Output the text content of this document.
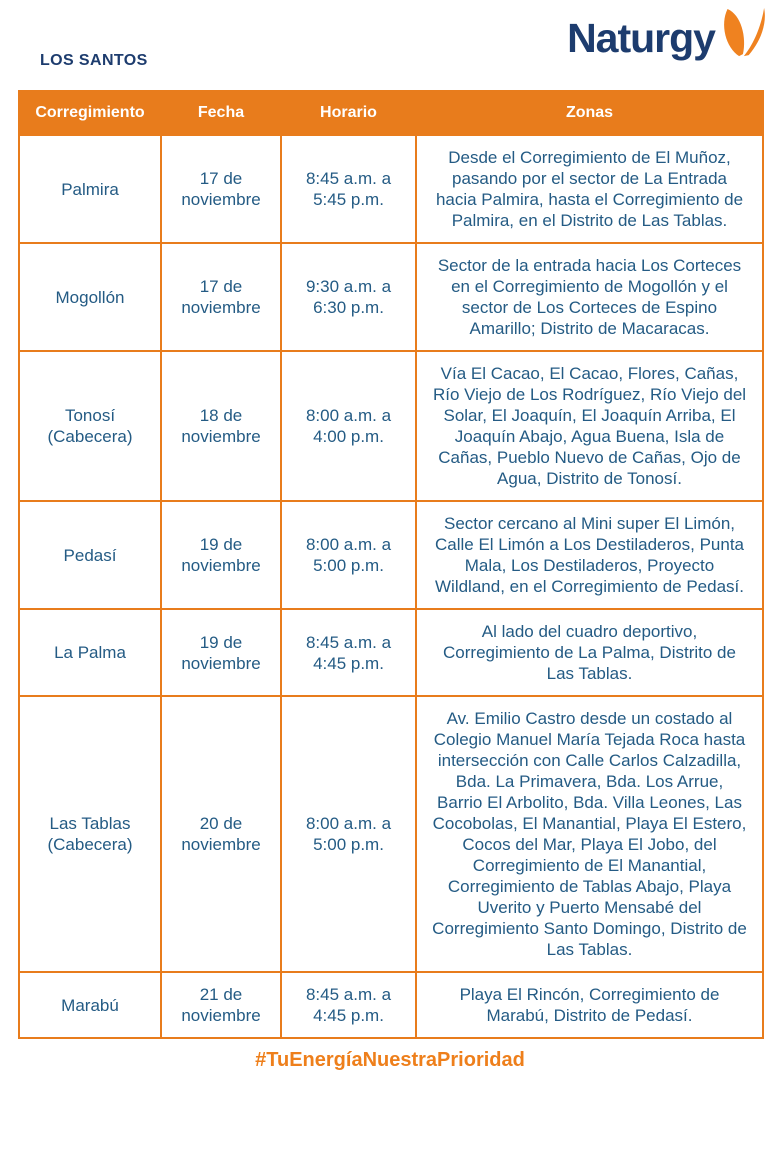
Naturgy
LOS SANTOS
Corregimiento	Fecha	Horario	Zonas
Palmira	17 de noviembre	8:45 a.m. a 5:45 p.m.	Desde el Corregimiento de El Muñoz, pasando por el sector de La Entrada hacia Palmira, hasta el Corregimiento de Palmira, en el Distrito de Las Tablas.
Mogollón	17 de noviembre	9:30 a.m. a 6:30 p.m.	Sector de la entrada hacia Los Corteces en el Corregimiento de Mogollón y el sector de Los Corteces de Espino Amarillo; Distrito de Macaracas.
Tonosí (Cabecera)	18 de noviembre	8:00 a.m. a 4:00 p.m.	Vía El Cacao, El Cacao, Flores, Cañas, Río Viejo de Los Rodríguez, Río Viejo del Solar, El Joaquín, El Joaquín Arriba, El Joaquín Abajo, Agua Buena, Isla de Cañas, Pueblo Nuevo de Cañas, Ojo de Agua, Distrito de Tonosí.
Pedasí	19 de noviembre	8:00 a.m. a 5:00 p.m.	Sector cercano al Mini super El Limón, Calle El Limón a Los Destiladeros, Punta Mala, Los Destiladeros, Proyecto Wildland, en el Corregimiento de Pedasí.
La Palma	19 de noviembre	8:45 a.m. a 4:45 p.m.	Al lado del cuadro deportivo, Corregimiento de La Palma, Distrito de Las Tablas.
Las Tablas (Cabecera)	20 de noviembre	8:00 a.m. a 5:00 p.m.	Av. Emilio Castro desde un costado al Colegio Manuel María Tejada Roca hasta intersección con Calle Carlos Calzadilla, Bda. La Primavera, Bda. Los Arrue, Barrio El Arbolito, Bda. Villa Leones, Las Cocobolas, El Manantial, Playa El Estero, Cocos del Mar, Playa El Jobo, del Corregimiento de El Manantial, Corregimiento de Tablas Abajo, Playa Uverito y Puerto Mensabé del Corregimiento Santo Domingo, Distrito de Las Tablas.
Marabú	21 de noviembre	8:45 a.m. a 4:45 p.m.	Playa El Rincón, Corregimiento de Marabú, Distrito de Pedasí.
#TuEnergíaNuestraPrioridad
